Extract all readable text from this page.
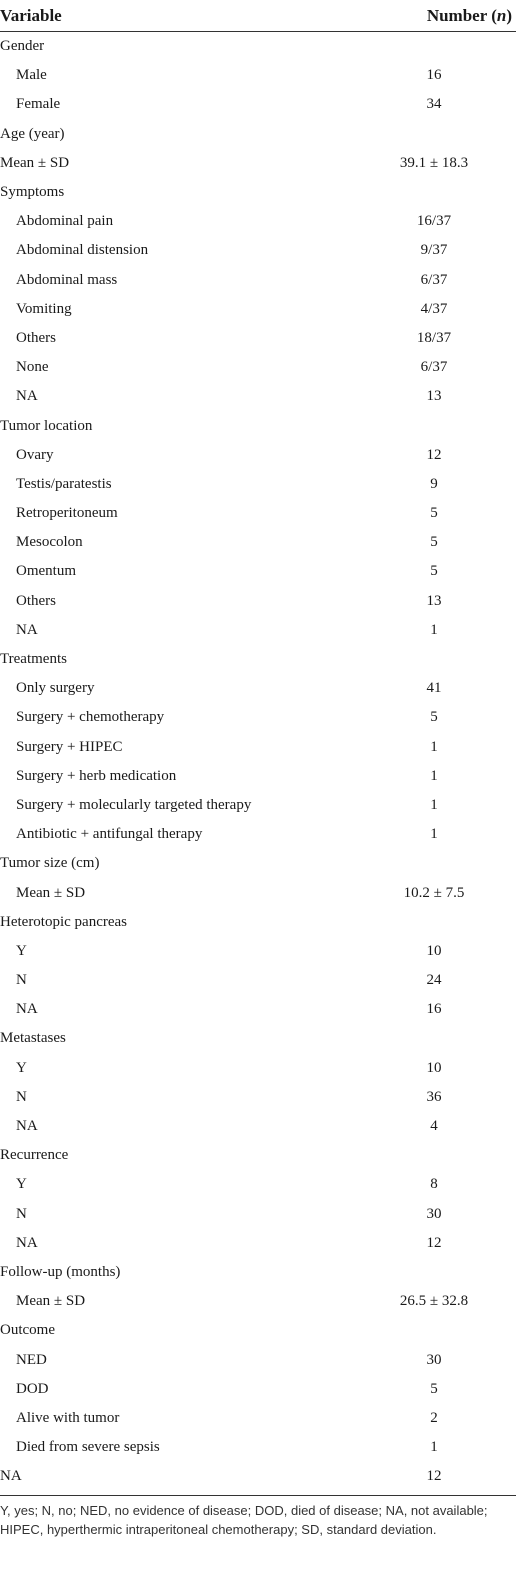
Variable	Number (n)
Gender
Male	16
Female	34
Age (year)
Mean ± SD	39.1 ± 18.3
Symptoms
Abdominal pain	16/37
Abdominal distension	9/37
Abdominal mass	6/37
Vomiting	4/37
Others	18/37
None	6/37
NA	13
Tumor location
Ovary	12
Testis/paratestis	9
Retroperitoneum	5
Mesocolon	5
Omentum	5
Others	13
NA	1
Treatments
Only surgery	41
Surgery + chemotherapy	5
Surgery + HIPEC	1
Surgery + herb medication	1
Surgery + molecularly targeted therapy	1
Antibiotic + antifungal therapy	1
Tumor size (cm)
Mean ± SD	10.2 ± 7.5
Heterotopic pancreas
Y	10
N	24
NA	16
Metastases
Y	10
N	36
NA	4
Recurrence
Y	8
N	30
NA	12
Follow-up (months)
Mean ± SD	26.5 ± 32.8
Outcome
NED	30
DOD	5
Alive with tumor	2
Died from severe sepsis	1
NA	12
Y, yes; N, no; NED, no evidence of disease; DOD, died of disease; NA, not available; HIPEC, hyperthermic intraperitoneal chemotherapy; SD, standard deviation.
